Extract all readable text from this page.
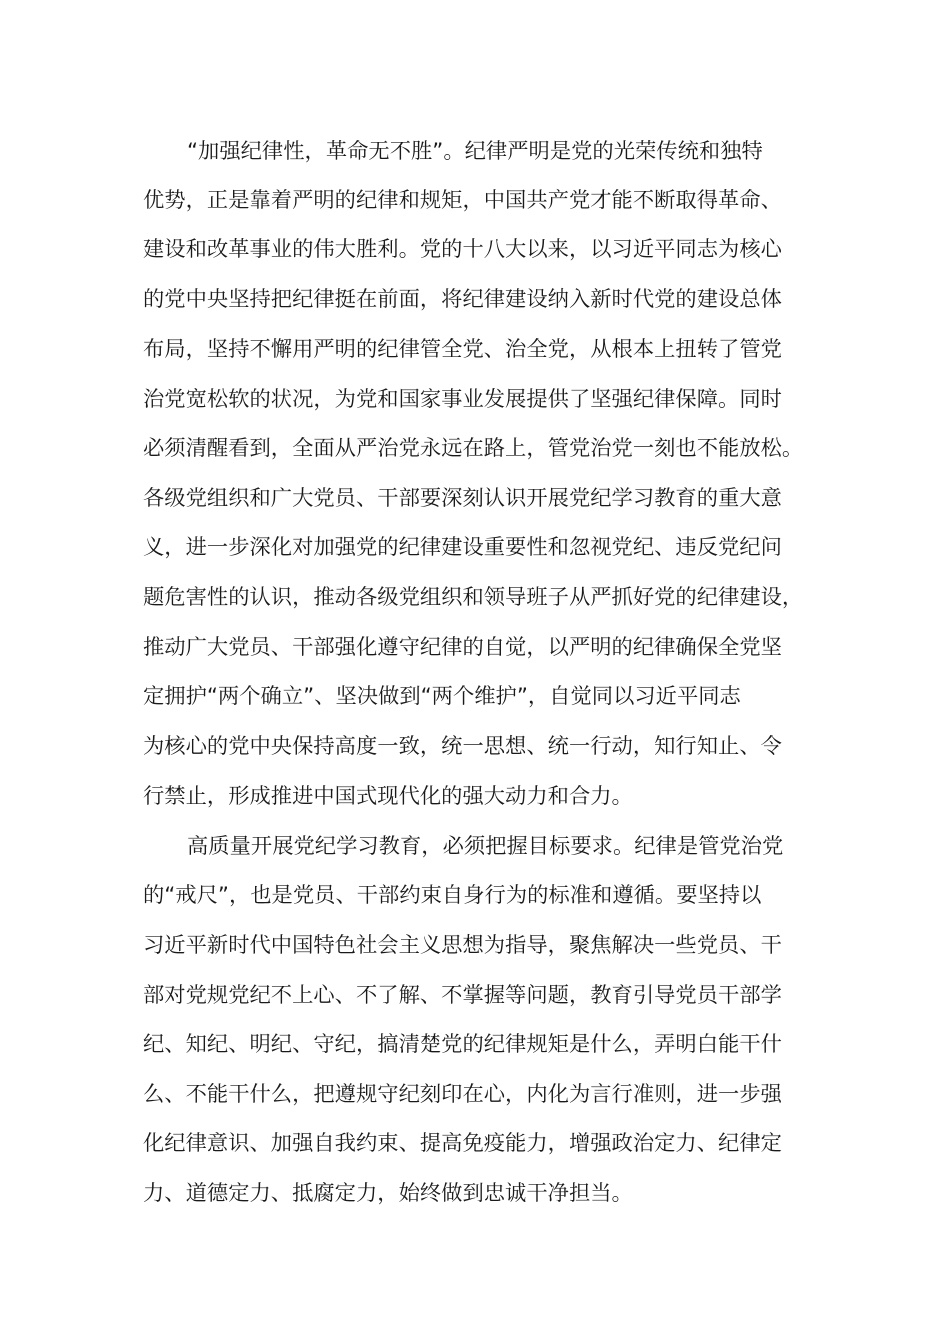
“加强纪律性，革命无不胜”。纪律严明是党的光荣传统和独特
优势，正是靠着严明的纪律和规矩，中国共产党才能不断取得革命、
建设和改革事业的伟大胜利。党的十八大以来，以习近平同志为核心
的党中央坚持把纪律挺在前面，将纪律建设纳入新时代党的建设总体
布局，坚持不懈用严明的纪律管全党、治全党，从根本上扭转了管党
治党宽松软的状况，为党和国家事业发展提供了坚强纪律保障。同时
必须清醒看到，全面从严治党永远在路上，管党治党一刻也不能放松。
各级党组织和广大党员、干部要深刻认识开展党纪学习教育的重大意
义，进一步深化对加强党的纪律建设重要性和忽视党纪、违反党纪问
题危害性的认识，推动各级党组织和领导班子从严抓好党的纪律建设，
推动广大党员、干部强化遵守纪律的自觉，以严明的纪律确保全党坚
定拥护“两个确立”、坚决做到“两个维护”，自觉同以习近平同志
为核心的党中央保持高度一致，统一思想、统一行动，知行知止、令
行禁止，形成推进中国式现代化的强大动力和合力。
高质量开展党纪学习教育，必须把握目标要求。纪律是管党治党
的“戒尺”，也是党员、干部约束自身行为的标准和遵循。要坚持以
习近平新时代中国特色社会主义思想为指导，聚焦解决一些党员、干
部对党规党纪不上心、不了解、不掌握等问题，教育引导党员干部学
纪、知纪、明纪、守纪，搞清楚党的纪律规矩是什么，弄明白能干什
么、不能干什么，把遵规守纪刻印在心，内化为言行准则，进一步强
化纪律意识、加强自我约束、提高免疫能力，增强政治定力、纪律定
力、道德定力、抵腐定力，始终做到忠诚干净担当。
